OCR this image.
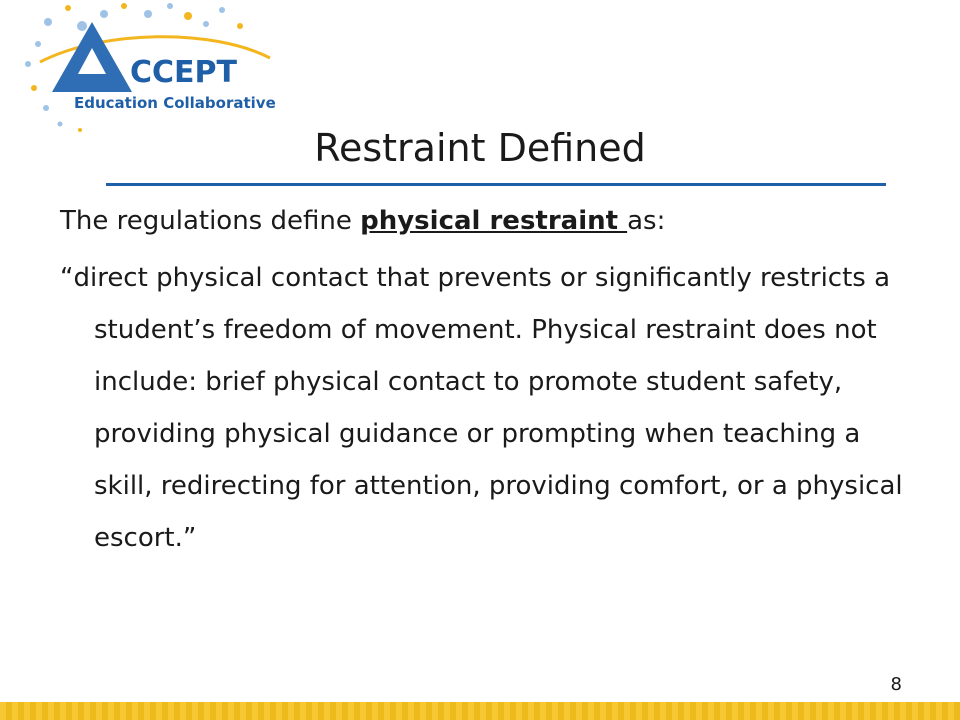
CCEPT
Education Collaborative
Restraint Defined

The regulations define physical restraint as:

“direct physical contact that prevents or significantly restricts a student’s freedom of movement. Physical restraint does not include: brief physical contact to promote student safety, providing physical guidance or prompting when teaching a skill, redirecting for attention, providing comfort, or a physical escort.”

8
